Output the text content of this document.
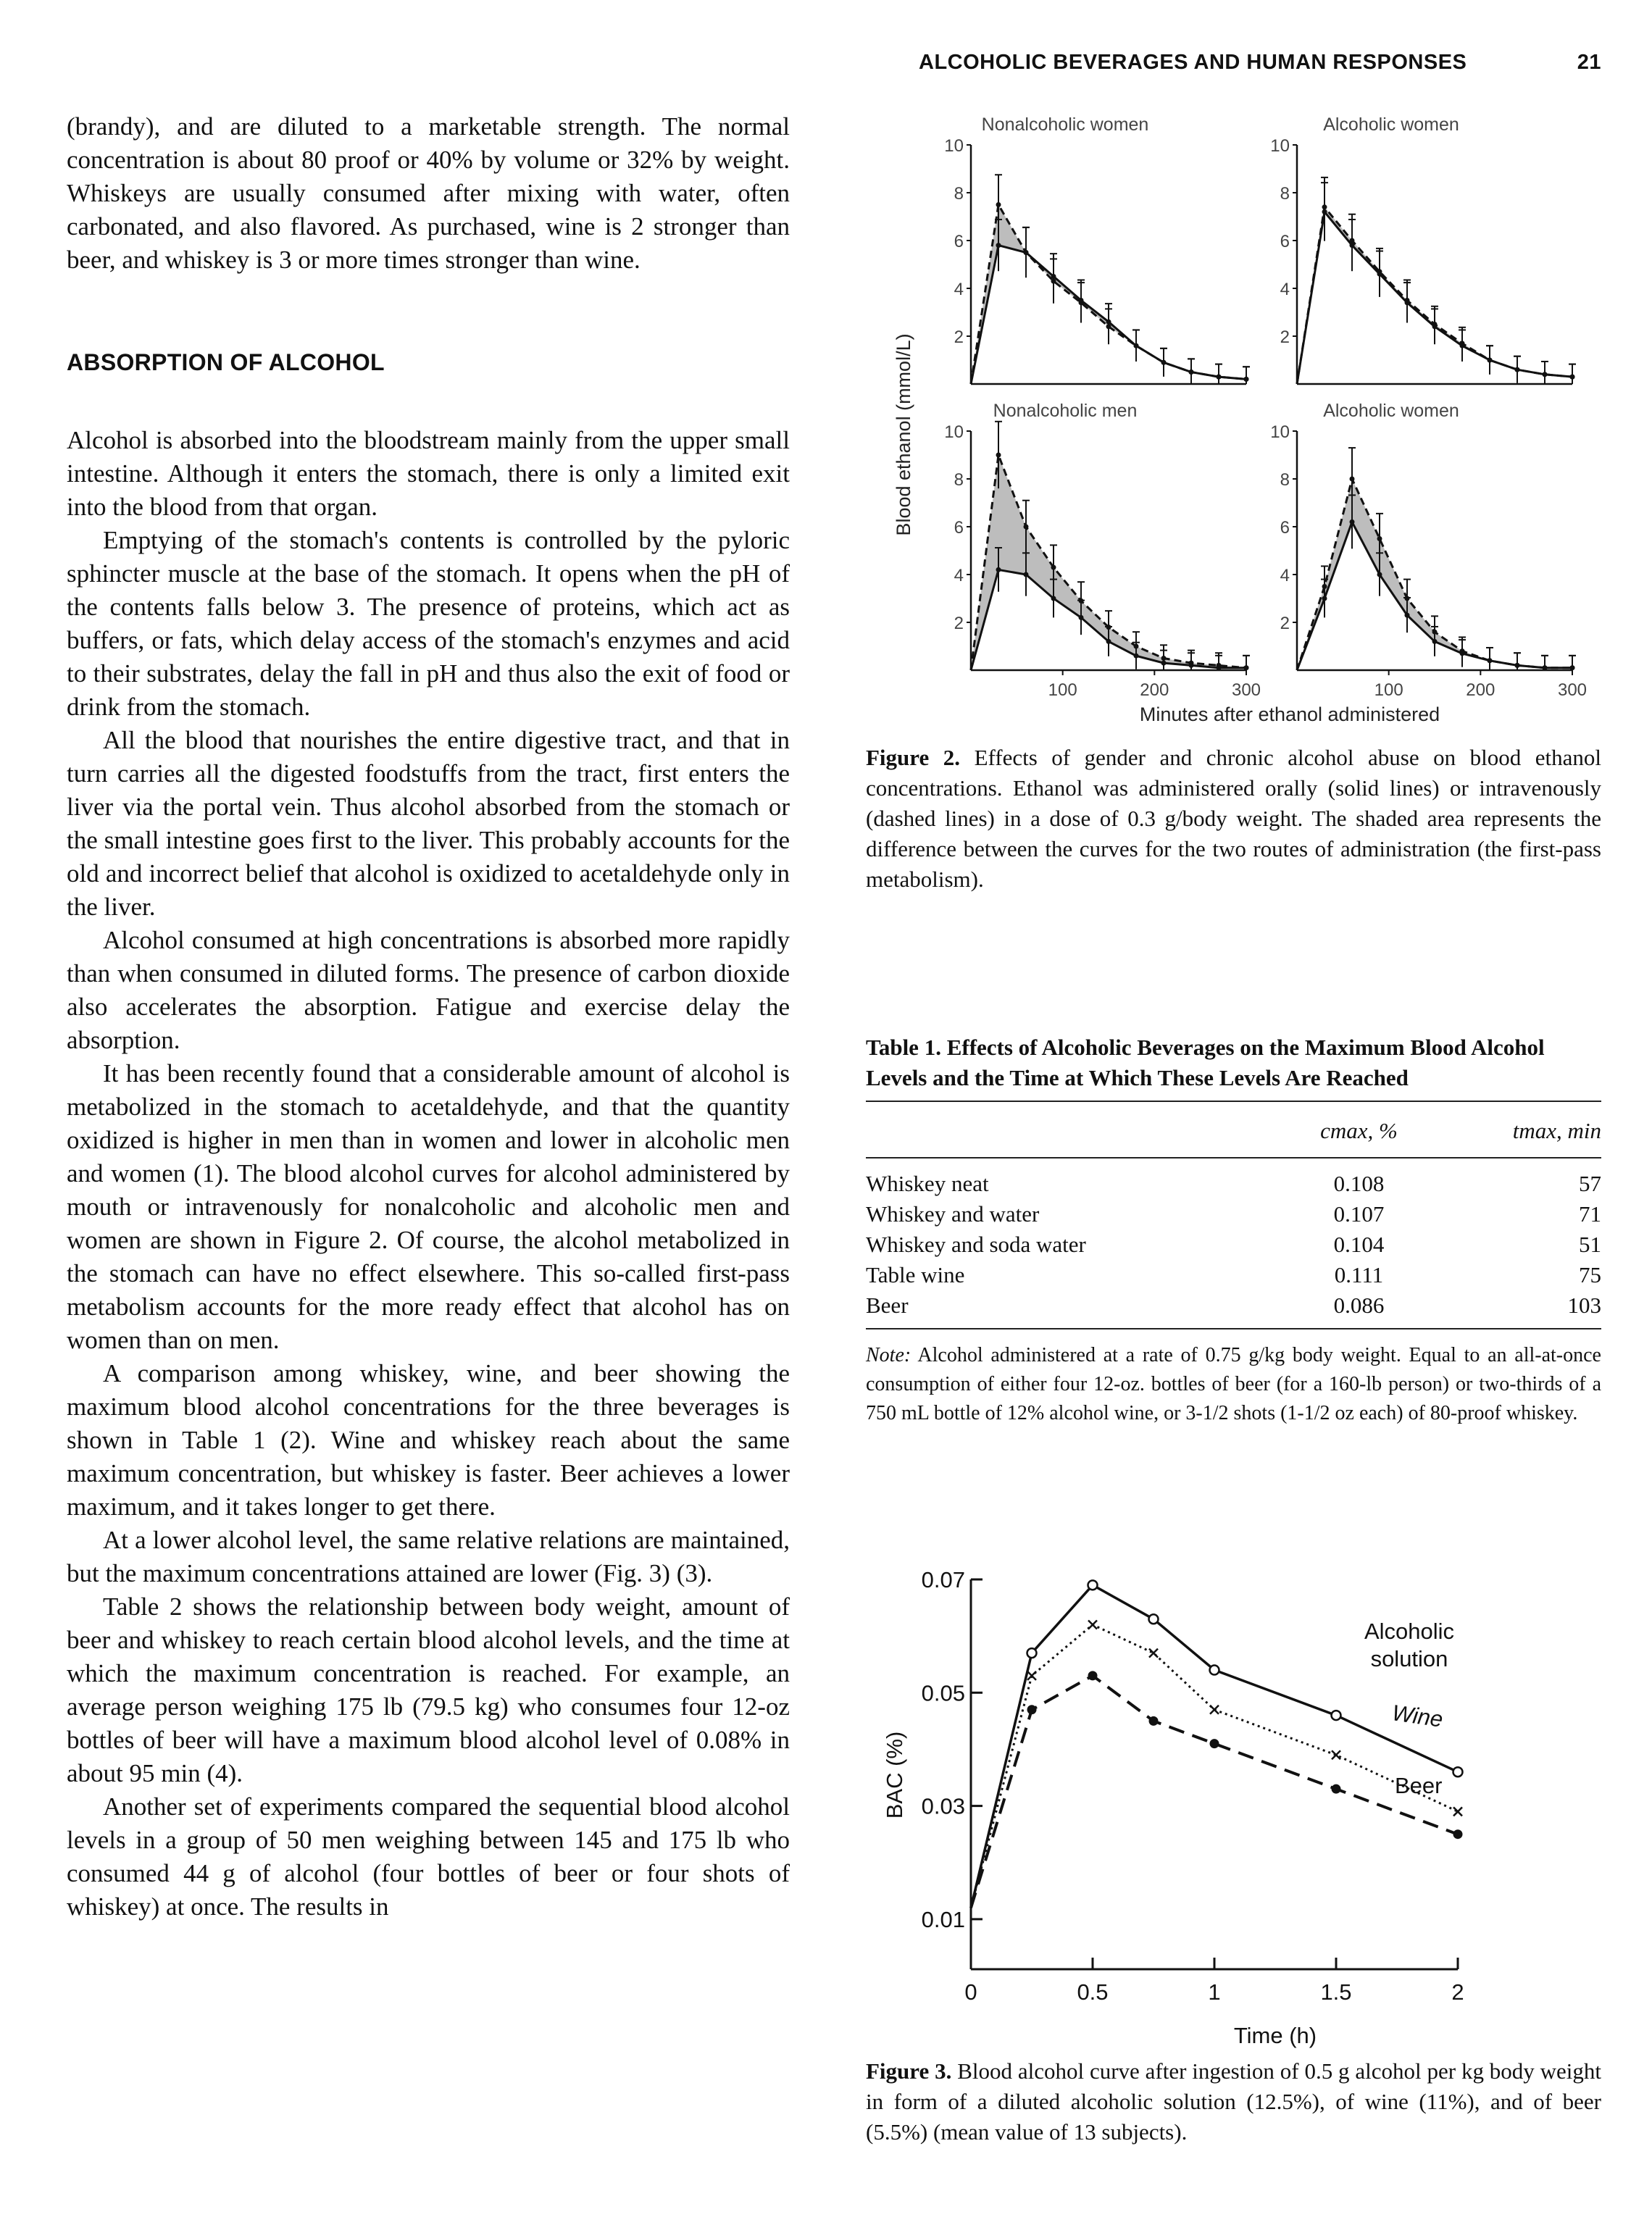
ALCOHOLIC BEVERAGES AND HUMAN RESPONSES	21

(brandy), and are diluted to a marketable strength. The normal concentration is about 80 proof or 40% by volume or 32% by weight. Whiskeys are usually consumed after mixing with water, often carbonated, and also flavored. As purchased, wine is 2 stronger than beer, and whiskey is 3 or more times stronger than wine.

ABSORPTION OF ALCOHOL

Alcohol is absorbed into the bloodstream mainly from the upper small intestine. Although it enters the stomach, there is only a limited exit into the blood from that organ.

Emptying of the stomach's contents is controlled by the pyloric sphincter muscle at the base of the stomach. It opens when the pH of the contents falls below 3. The presence of proteins, which act as buffers, or fats, which delay access of the stomach's enzymes and acid to their substrates, delay the fall in pH and thus also the exit of food or drink from the stomach.

All the blood that nourishes the entire digestive tract, and that in turn carries all the digested foodstuffs from the tract, first enters the liver via the portal vein. Thus alcohol absorbed from the stomach or the small intestine goes first to the liver. This probably accounts for the old and incorrect belief that alcohol is oxidized to acetaldehyde only in the liver.

Alcohol consumed at high concentrations is absorbed more rapidly than when consumed in diluted forms. The presence of carbon dioxide also accelerates the absorption. Fatigue and exercise delay the absorption.

It has been recently found that a considerable amount of alcohol is metabolized in the stomach to acetaldehyde, and that the quantity oxidized is higher in men than in women and lower in alcoholic men and women (1). The blood alcohol curves for alcohol administered by mouth or intravenously for nonalcoholic and alcoholic men and women are shown in Figure 2. Of course, the alcohol metabolized in the stomach can have no effect elsewhere. This so-called first-pass metabolism accounts for the more ready effect that alcohol has on women than on men.

A comparison among whiskey, wine, and beer showing the maximum blood alcohol concentrations for the three beverages is shown in Table 1 (2). Wine and whiskey reach about the same maximum concentration, but whiskey is faster. Beer achieves a lower maximum, and it takes longer to get there.

At a lower alcohol level, the same relative relations are maintained, but the maximum concentrations attained are lower (Fig. 3) (3).

Table 2 shows the relationship between body weight, amount of beer and whiskey to reach certain blood alcohol levels, and the time at which the maximum concentration is reached. For example, an average person weighing 175 lb (79.5 kg) who consumes four 12-oz bottles of beer will have a maximum blood alcohol level of 0.08% in about 95 min (4).

Another set of experiments compared the sequential blood alcohol levels in a group of 50 men weighing between 145 and 175 lb who consumed 44 g of alcohol (four bottles of beer or four shots of whiskey) at once. The results in

Blood ethanol (mmol/L)
Minutes after ethanol administered
Nonalcoholic women	Alcoholic women
Nonalcoholic men	Alcoholic women
10
8
6
4
2
10
8
6
4
2
10
8
6
4
2
100	200	300
10
8
6
4
2
100	200	300
Figure 2. Effects of gender and chronic alcohol abuse on blood ethanol concentrations. Ethanol was administered orally (solid lines) or intravenously (dashed lines) in a dose of 0.3 g/body weight. The shaded area represents the difference between the curves for the two routes of administration (the first-pass metabolism).
Table 1. Effects of Alcoholic Beverages on the Maximum Blood Alcohol Levels and the Time at Which These Levels Are Reached
	cmax, %	tmax, min
Whiskey neat	0.108	57
Whiskey and water	0.107	71
Whiskey and soda water	0.104	51
Table wine	0.111	75
Beer	0.086	103
Note: Alcohol administered at a rate of 0.75 g/kg body weight. Equal to an all-at-once consumption of either four 12-oz. bottles of beer (for a 160-lb person) or two-thirds of a 750 mL bottle of 12% alcohol wine, or 3-1/2 shots (1-1/2 oz each) of 80-proof whiskey.
BAC (%)
Time (h)
Alcoholic
solution
Wine
Beer
0.07
0.05
0.03
0.01
0	0.5	1	1.5	2
Figure 3. Blood alcohol curve after ingestion of 0.5 g alcohol per kg body weight in form of a diluted alcoholic solution (12.5%), of wine (11%), and of beer (5.5%) (mean value of 13 subjects).
